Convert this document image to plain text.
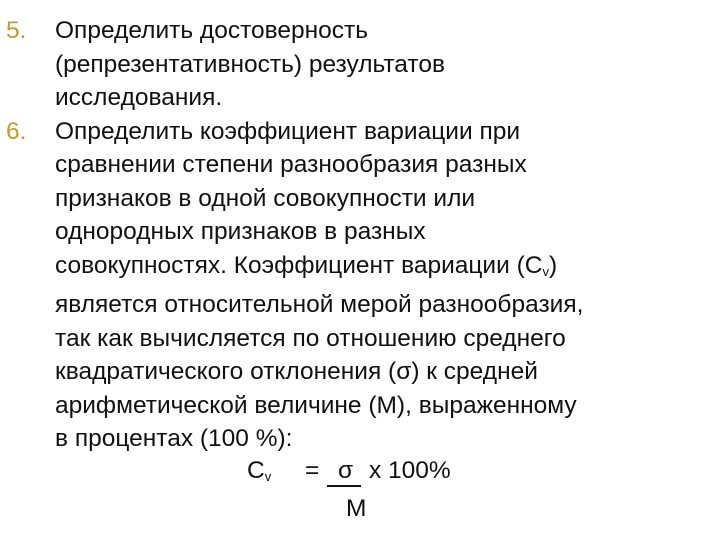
5. Определить достоверность
(репрезентативность) результатов
исследования.
6. Определить коэффициент вариации при
сравнении степени разнообразия разных
признаков в одной совокупности или
однородных признаков в разных
совокупностях. Коэффициент вариации $(C_v)$
является относительной мерой разнообразия,
так как вычисляется по отношению среднего
квадратического отклонения (σ) к средней
арифметической величине (М), выраженному
в процентах (100 %):
$C_v = \sigma$ х 100%
М
